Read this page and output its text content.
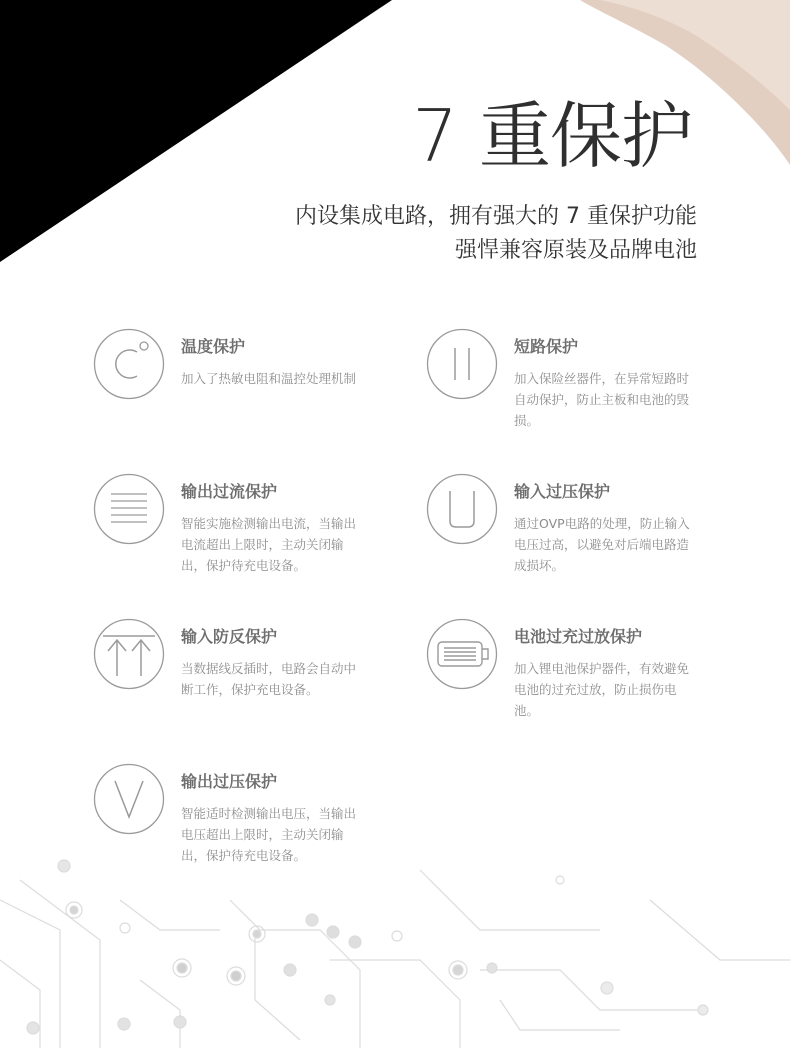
7 重保护
内设集成电路，拥有强大的 7 重保护功能
强悍兼容原装及品牌电池
温度保护
加入了热敏电阻和温控处理机制
短路保护
加入保险丝器件，在异常短路时自动保护，防止主板和电池的毁损。
输出过流保护
智能实施检测输出电流，当输出电流超出上限时，主动关闭输出，保护待充电设备。
输入过压保护
通过OVP电路的处理，防止输入电压过高，以避免对后端电路造成损坏。
输入防反保护
当数据线反插时，电路会自动中断工作，保护充电设备。
电池过充过放保护
加入锂电池保护器件，有效避免电池的过充过放，防止损伤电池。
输出过压保护
智能适时检测输出电压，当输出电压超出上限时，主动关闭输出，保护待充电设备。
